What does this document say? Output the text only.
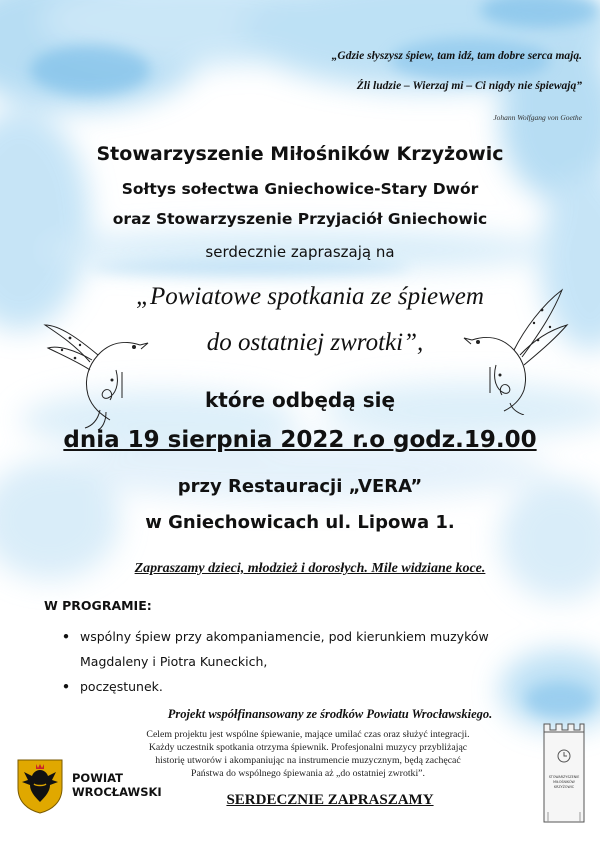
„Gdzie słyszysz śpiew, tam idź, tam dobre serca mają.
Źli ludzie – Wierzaj mi – Ci nigdy nie śpiewają”
Johann Wolfgang von Goethe
Stowarzyszenie Miłośników Krzyżowic
Sołtys sołectwa Gniechowice-Stary Dwór
oraz Stowarzyszenie Przyjaciół Gniechowic
serdecznie zapraszają na
„Powiatowe spotkania ze śpiewem
do ostatniej zwrotki”,
które odbędą się
dnia 19 sierpnia 2022 r.o godz.19.00
przy Restauracji „VERA”
w Gniechowicach ul. Lipowa 1.
Zapraszamy dzieci, młodzież i dorosłych. Mile widziane koce.
W PROGRAMIE:
• wspólny śpiew przy akompaniamencie, pod kierunkiem muzyków
Magdaleny i Piotra Kuneckich,
• poczęstunek.
Projekt współfinansowany ze środków Powiatu Wrocławskiego.
Celem projektu jest wspólne śpiewanie, mające umilać czas oraz służyć integracji.
Każdy uczestnik spotkania otrzyma śpiewnik. Profesjonalni muzycy przybliżając
historię utworów i akompaniując na instrumencie muzycznym, będą zachęcać
Państwa do wspólnego śpiewania aż „do ostatniej zwrotki”.
SERDECZNIE ZAPRASZAMY
POWIAT
WROCŁAWSKI
STOWARZYSZENIE
MIŁOŚNIKÓW
KRZYŻOWIC
